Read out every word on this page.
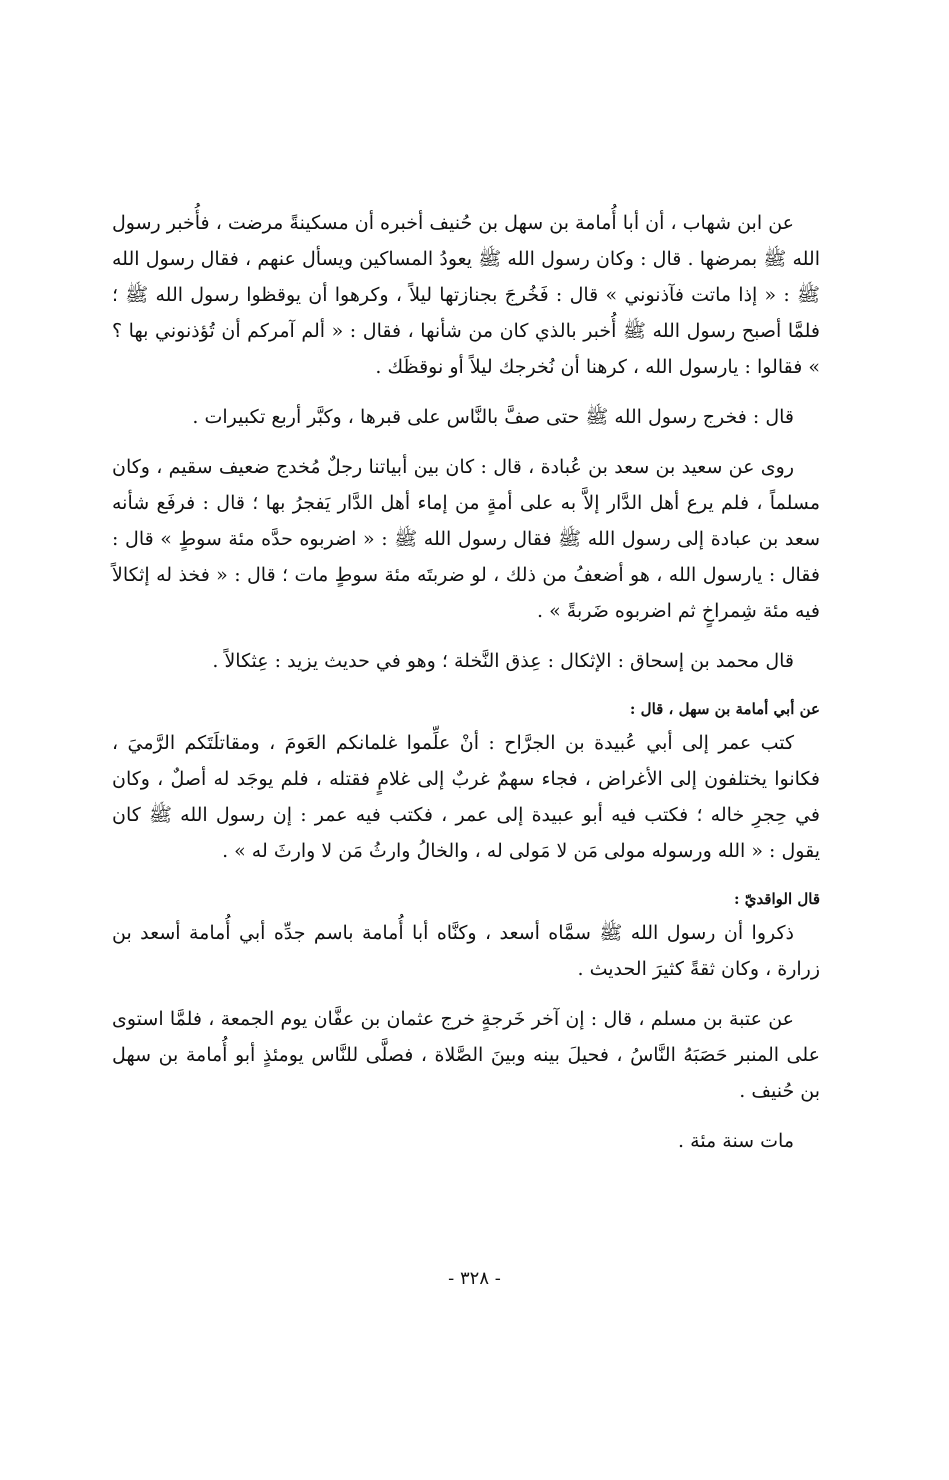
عن ابن شهاب ، أن أبا أُمامة بن سهل بن حُنيف أخبره أن مسكينةً مرضت ، فأُخبر رسول الله ﷺ بمرضها . قال : وكان رسول الله ﷺ يعودُ المساكين ويسأل عنهم ، فقال رسول الله ﷺ : « إذا ماتت فآذنوني » قال : فَخُرجَ بجنازتها ليلاً ، وكرهوا أن يوقظوا رسول الله ﷺ ؛ فلمَّا أصبح رسول الله ﷺ أُخبر بالذي كان من شأنها ، فقال : « ألم آمركم أن تُؤذنوني بها ؟ » فقالوا : يارسول الله ، كرهنا أن نُخرجك ليلاً أو نوقظَك .

قال : فخرج رسول الله ﷺ حتى صفَّ بالنَّاس على قبرها ، وكبَّر أربع تكبيرات .

روى عن سعيد بن سعد بن عُبادة ، قال : كان بين أبياتنا رجلٌ مُخدج ضعيف سقيم ، وكان مسلماً ، فلم يرع أهل الدَّار إلاَّ به على أمةٍ من إماء أهل الدَّار يَفجرُ بها ؛ قال : فرفَع شأنه سعد بن عبادة إلى رسول الله ﷺ فقال رسول الله ﷺ : « اضربوه حدَّه مئة سوطٍ » قال : فقال : يارسول الله ، هو أضعفُ من ذلك ، لو ضربتَه مئة سوطٍ مات ؛ قال : « فخذ له إثكالاً فيه مئة شِمراخٍ ثم اضربوه ضَربةً » .

قال محمد بن إسحاق : الإثكال : عِذق النَّخلة ؛ وهو في حديث يزيد : عِثكالاً .

عن أبي أمامة بن سهل ، قال :

كتب عمر إلى أبي عُبيدة بن الجرَّاح : أنْ علِّموا غلمانكم العَومَ ، ومقاتلَتَكم الرَّميَ ، فكانوا يختلفون إلى الأغراض ، فجاء سهمٌ غربٌ إلى غلامٍ فقتله ، فلم يوجَد له أصلٌ ، وكان في حِجرِ خاله ؛ فكتب فيه أبو عبيدة إلى عمر ، فكتب فيه عمر : إن رسول الله ﷺ كان يقول : « الله ورسوله مولى مَن لا مَولى له ، والخالُ وارثُ مَن لا وارثَ له » .

قال الواقديّ :

ذكروا أن رسول الله ﷺ سمَّاه أسعد ، وكنَّاه أبا أُمامة باسم جدِّه أبي أُمامة أسعد بن زرارة ، وكان ثقةً كثيرَ الحديث .

عن عتبة بن مسلم ، قال : إن آخر خَرجةٍ خرج عثمان بن عفَّان يوم الجمعة ، فلمَّا استوى على المنبر حَصَبَهُ النَّاسُ ، فحيلَ بينه وبينَ الصَّلاة ، فصلَّى للنَّاس يومئذٍ أبو أُمامة بن سهل بن حُنيف .

مات سنة مئة .

- ٣٢٨ -
